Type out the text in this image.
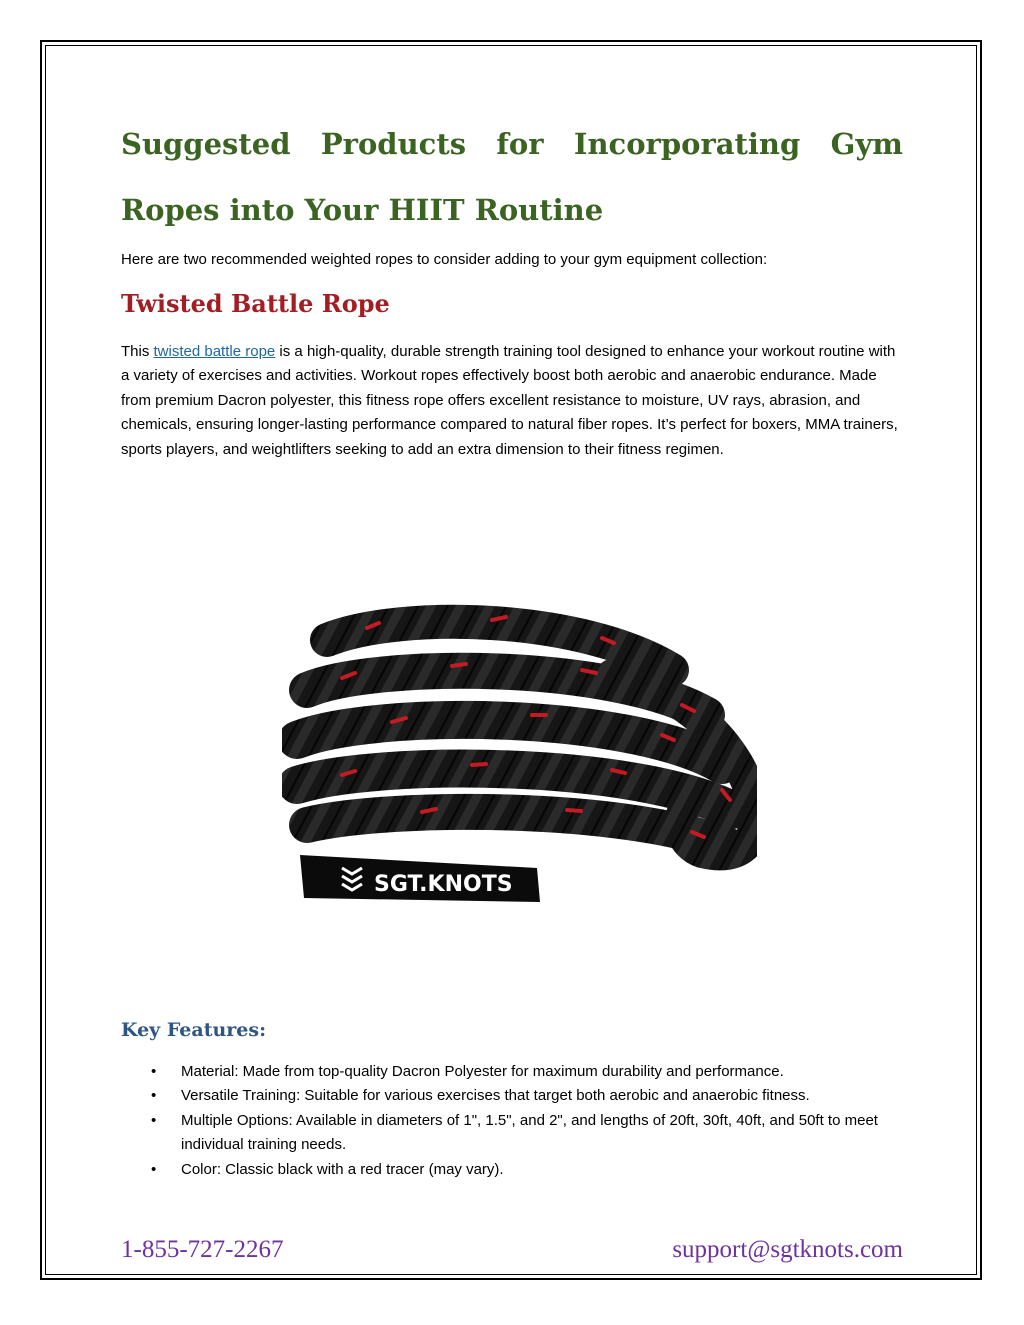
Suggested Products for Incorporating Gym
Ropes into Your HIIT Routine

Here are two recommended weighted ropes to consider adding to your gym equipment collection:

Twisted Battle Rope

This twisted battle rope is a high-quality, durable strength training tool designed to enhance your workout routine with a variety of exercises and activities. Workout ropes effectively boost both aerobic and anaerobic endurance. Made from premium Dacron polyester, this fitness rope offers excellent resistance to moisture, UV rays, abrasion, and chemicals, ensuring longer-lasting performance compared to natural fiber ropes. It’s perfect for boxers, MMA trainers, sports players, and weightlifters seeking to add an extra dimension to their fitness regimen.

SGT.KNOTS
Key Features:
• Material: Made from top-quality Dacron Polyester for maximum durability and performance.
• Versatile Training: Suitable for various exercises that target both aerobic and anaerobic fitness.
• Multiple Options: Available in diameters of 1", 1.5", and 2", and lengths of 20ft, 30ft, 40ft, and 50ft to meet individual training needs.
• Color: Classic black with a red tracer (may vary).

1-855-727-2267	support@sgtknots.com
